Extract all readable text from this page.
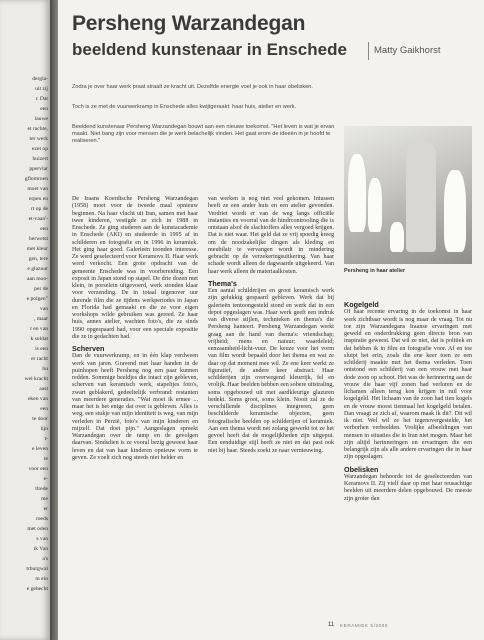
dergla-
uit zij
r. Dat
een
lauwe
et rachte,
ter werk
ezet op
huizert
ppervlar
gflomrnen
moet van
erpen en
rt op de
et-vaan'-
een
berwetst
met kleur
gen, tere
e glazuur
aan moo-
per de
e polgen"
van
, maar
t en van
k soldat
is een
er racht
bu
wel kracht
aast
eken van
een
te door
lijn
t-
e leven
te
voor een
e-
tlrede
me
er
roeds
met oden
s van
ik Van
a's
trburgwal
m ein
e gehecht
Persheng Warzandegan
beeldend kunstenaar in Enschede	Matty Gaikhorst
Zodra je over haar werk praat straalt ze kracht uit. Dezelfde energie voel je ook in haar obelisken.
Toch is ze met de vuurwerkramp in Enschede alles kwijtgeraakt: haar huis, atelier en werk.
Beeldend kunstenaar Persheng Warzandegan bouwt aan een nieuwe toekomst. "Het leven is wat je ervan maakt. Niet bang zijn voor mensen die je werk belachelijk vinden. Het gaat erom de ideeën in je hoofd te realiseren."
Persheng in haar atelier

De Iraans Koerdische Persheng Warzandegan (1958) moet voor de tweede maal opnieuw beginnen. Na haar vlucht uit Iran, samen met haar twee kinderen, vestigde ze zich in 1988 in Enschede. Ze ging studeren aan de kunstacademie in Enschede (AKI) en studeerde in 1995 af in schilderen en fotografie en in 1996 in keramiek. Het ging haar goed. Galerieën toonden interesse. Ze werd geselecteerd voor Keramovs II. Haar werk werd verkocht. Een grote opdracht van de gemeente Enschede was in voorbereiding. Een exposit in Japan stond op stapel. De drie dozen met klein, in porselein uitgevoerd, werk stonden klaar voor verzending. De in totaal tegenover uur durende film die ze tijdens werkperiodes in Japan en Florida had gemaakt en die ze voor eigen workshops wilde gebruiken was gereed. Ze haar huis, annex atelier, wachten foto's, die ze sinds 1990 opgespaard had, voor een speciale expositie die ze in gedachten had.

Scherven

Dan de vuurwerkramp, en in één klap verdween werk van jaren. Gravend met haar handen in de puinhopen heeft Persheng nog een paar kunnen redden. Sommige beeldjes die intact zijn gebleven, scherven van keramisch werk, stapeltjes foto's, zwart geblakerd, gedeeltelijk verbrand: restanten van meerdere generaties. "Wat moet ik ermee ... maar het is het enige dat over is gebleven. Alles is weg, een stukje van mijn identiteit is weg, van mijn verleden in Perzië, foto's van mijn kinderen en mijzelf. Dat doet pijn." Aangeslagen spreekt Warzandegan over de ramp en de gevolgen daarvan. Sindsdien is ze vooral bezig geweest haar leven en dat van haar kinderen opnieuw vorm te geven. Ze voelt zich nog steeds niet helder en

van werken is nog niet veel gekomen. Intussen heeft ze een ander huis en een atelier gevonden. Verdriet wordt er van de weg langs officiële instanties en voorral van de hindrcontrooling die is ontstaan alsof de slachtoffers alles vergoed krijgen. Dat is niet waar. Het geld dat ze vrij spoedig kreeg om de noodzakelijke dingen als kleding en meubilair te vervangen wordt in mindering gebracht op de verzekeringsuitkering. Van haar schade wordt alleen de dagwaarde uitgekeerd. Van haar werk alleen de materiaalkosten.

Thema's

Een aantal schilderijen en groot keramisch werk zijn gelukkig gespaard gebleven. Werk dat bij galerieën tentoongesteld stond en werk dat in een depot opgeslagen was. Haar werk geeft een indruk van diverse stijlen, technieken en thema's die Persheng hanteert. Persheng Warzandegan werkt graag aan de hand van thema's: vriendschap; vrijheid; mens en natuur; waardeleid; eenzaamheid-licht-vuur. De keuze voor het vorm van film wordt bepaald door het thema en wat ze daar op dat moment mee wil. Ze ene keer werkt ze figuratief, de andere keer abstract. Haar schilderijen zijn overwegend kleurrijk, fel en vrolijk. Haar beelden hebben een sobere uitstraling, soms opgebouwd uit met aardkleurige glazuren bedekt. Soms groot, soms klein. Nooit zal ze de verschillende disciplines integreren, geen beschilderde keramische objecten, geen fotografische beelden op schilderijen of keramiek. Aan een thema wordt net zolang gewerkt tot ze het gevoel heeft dat de mogelijkheden zijn uitgeput. Een eenduidige stijl heeft ze niet en dat past ook niet bij haar. Steeds zoekt ze naar vernieuwing.

Kogelgeld

Of haar recente ervaring in de toekomst in haar werk zichtbaar wordt is nog maar de vraag. Tot nu toe zijn Warzandegans Iraanse ervaringen met geweld en onderdrukking geen directe bron van inspiratie geweest. Dat wil ze niet, dat is politiek en dat hebben ik in film en fotografie voor. Af en toe sluipt het erin, zoals die ene keer toen ze een schilderij maakte met het thema verleden. Toen ontstond een schilderij van een vrouw met haar dode zoon op schoot. Het was de herinnering aan de vrouw die haar vijf zonen had verloren en de lichamen alleen terug kon krijgen in ruil voor kogelgeld. Het lichaam van de zoon had tien kogels en de vrouw moest tienmaal het kogelgeld betalen. Dan vraagt ze zich af, waarom maak ik dit?. Dit wil ik niet. Wel wil ze het tegenovergestelde, het verborhen verbeelden. Vrolijke afbeeldingen van mensen in situaties die in Iran niet mogen. Maar het zijn altijd herinneringen en ervaringen die een belangrijk zijn als alle andere ervaringen die in haar zijn opgeslagen.

Obelisken

Warzandegan behoorde tot de geselecteerden van Keramovs II. Zij vielf daar op met haar reusachtige beelden uit meerdere delen opgebouwd. De meeste zijn groter dan

11 KERAMIEK 5/2000
